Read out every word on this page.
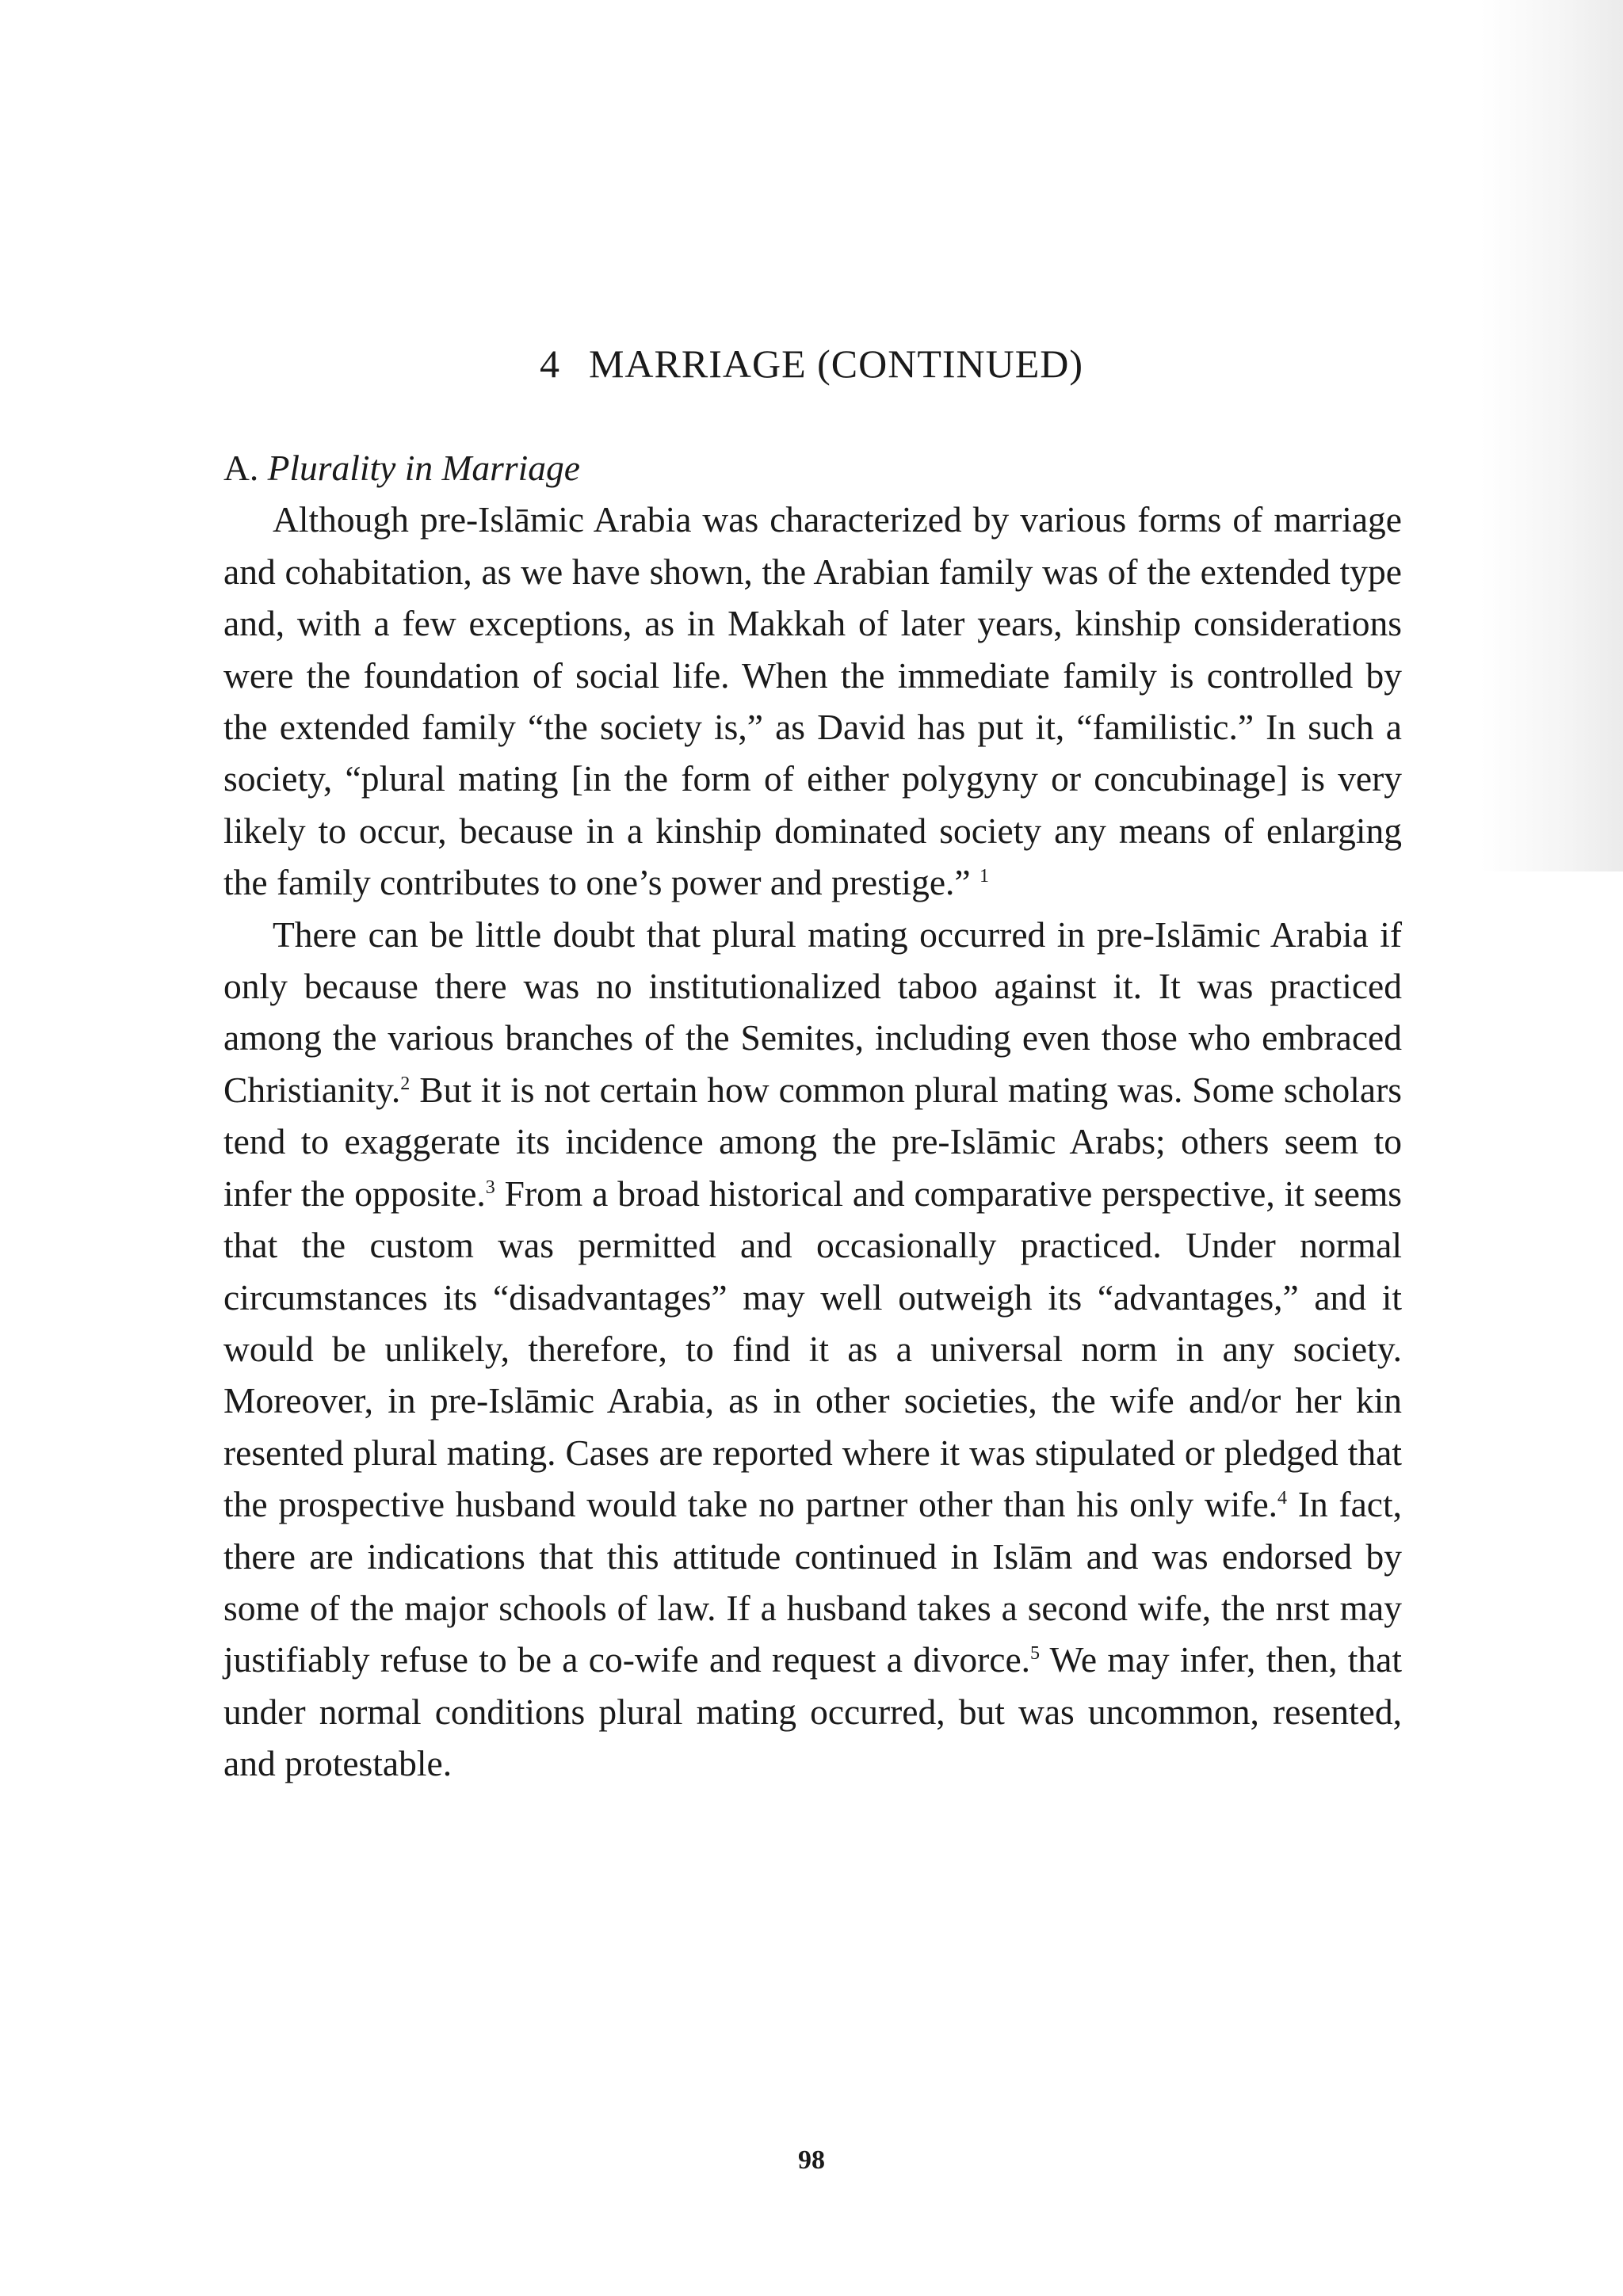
4 MARRIAGE (CONTINUED)
A. Plurality in Marriage

Although pre-Islāmic Arabia was characterized by various forms of marriage and cohabitation, as we have shown, the Arabian family was of the extended type and, with a few exceptions, as in Makkah of later years, kinship considerations were the foundation of social life. When the immediate family is controlled by the extended family “the society is,” as David has put it, “familistic.” In such a society, “plural mating [in the form of either polygyny or concubinage] is very likely to occur, because in a kinship dominated society any means of enlarging the family contributes to one’s power and prestige.” $^1$

There can be little doubt that plural mating occurred in pre-Islāmic Arabia if only because there was no institutionalized taboo against it. It was practiced among the various branches of the Semites, including even those who embraced Christianity.$^2$ But it is not certain how common plural mating was. Some scholars tend to exaggerate its incidence among the pre-Islāmic Arabs; others seem to infer the opposite.$^3$ From a broad historical and comparative perspective, it seems that the custom was permitted and occasionally practiced. Under normal circumstances its “disadvantages” may well outweigh its “advantages,” and it would be unlikely, therefore, to find it as a universal norm in any society. Moreover, in pre-Islāmic Arabia, as in other societies, the wife and/or her kin resented plural mating. Cases are reported where it was stipulated or pledged that the prospective husband would take no partner other than his only wife.$^4$ In fact, there are indications that this attitude continued in Islām and was endorsed by some of the major schools of law. If a husband takes a second wife, the nrst may justifiably refuse to be a co-wife and request a divorce.$^5$ We may infer, then, that under normal conditions plural mating occurred, but was uncommon, resented, and protestable.

98
